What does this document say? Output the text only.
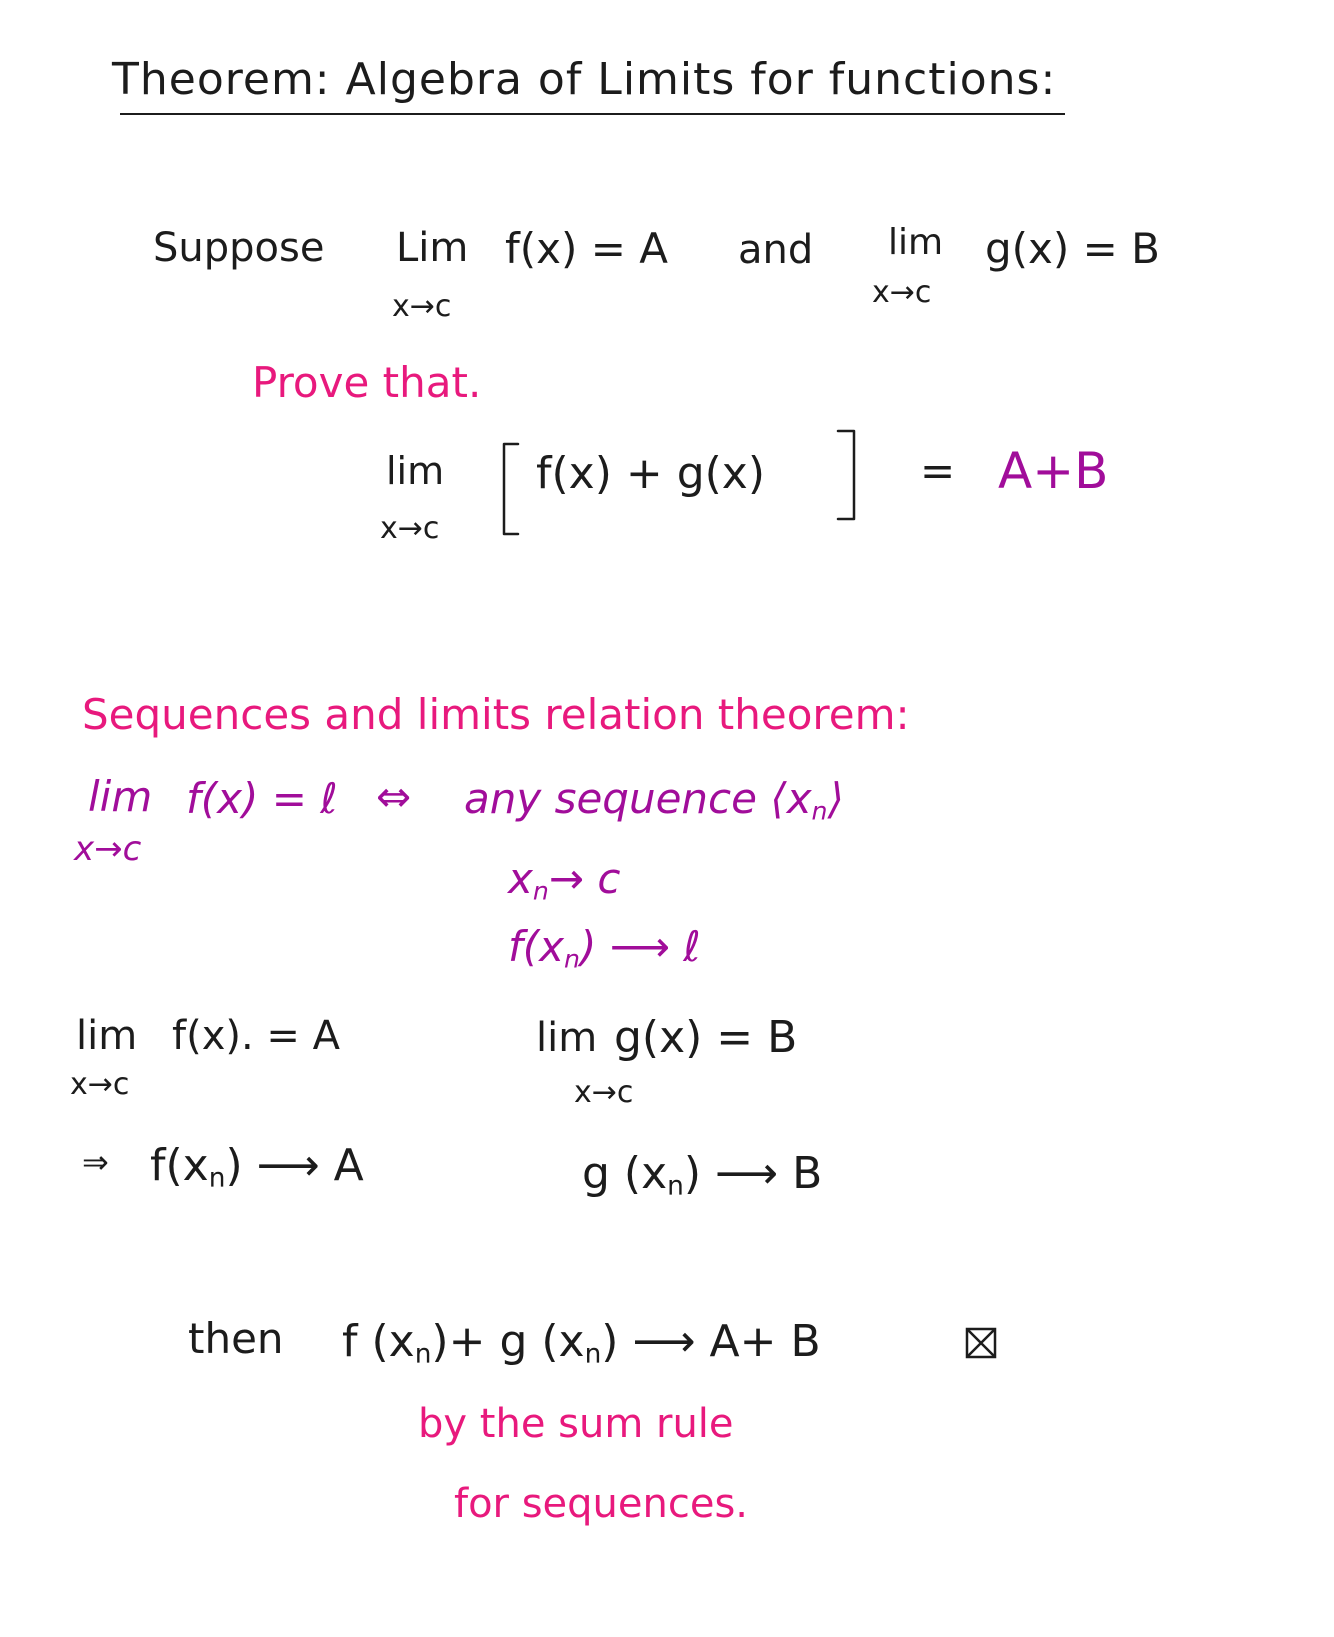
Theorem: Algebra of Limits for functions:
Suppose Lim
x→c
f(x) = A and lim
x→c
g(x) = B
Prove that.
lim
x→c
f(x) + g(x)	= A+B
Sequences and limits relation theorem:
lim
x→c
f(x) = ℓ ⇔ any sequence $⟨x_n⟩$
$x_n\to c$
$f(x_n)$ ⟶ ℓ
lim f(x). = A
x→c
⇒ $f(x_n)$ ⟶ A
lim g(x) = B
x→c
g $(x_n)$ ⟶ B
then f $(x_n)+ g$ $(x_n)$ ⟶ A+ B
by the sum rule
for sequences.
